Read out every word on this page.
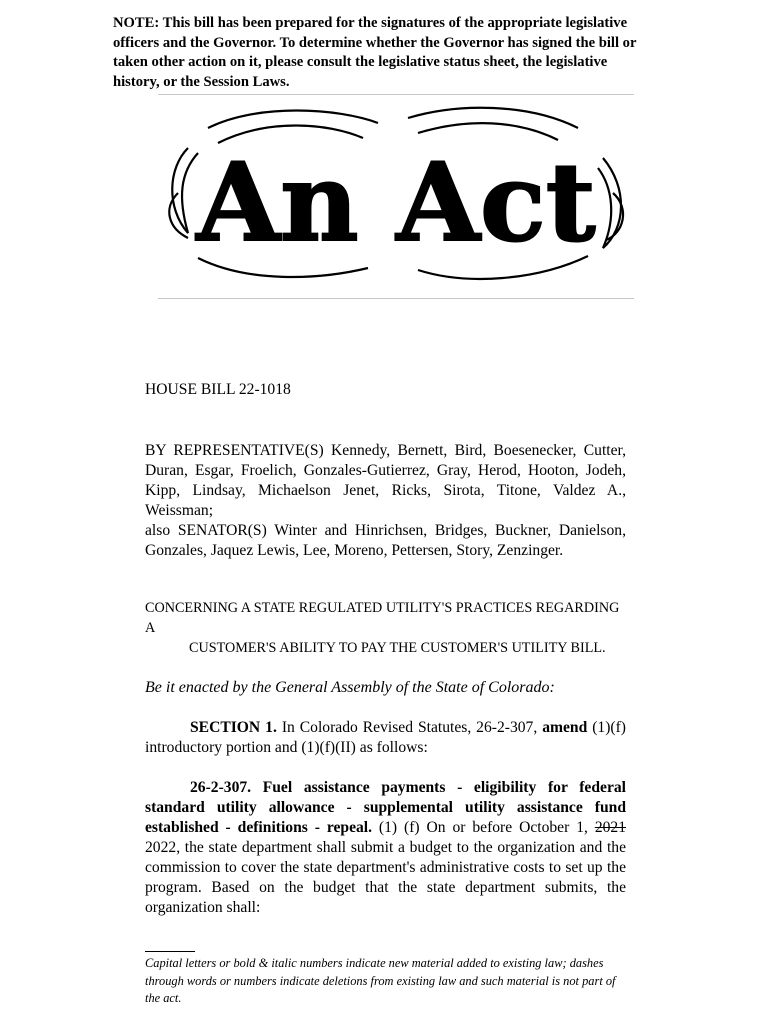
NOTE: This bill has been prepared for the signatures of the appropriate legislative officers and the Governor. To determine whether the Governor has signed the bill or taken other action on it, please consult the legislative status sheet, the legislative history, or the Session Laws.
An Act
HOUSE BILL 22-1018
BY REPRESENTATIVE(S) Kennedy, Bernett, Bird, Boesenecker, Cutter, Duran, Esgar, Froelich, Gonzales-Gutierrez, Gray, Herod, Hooton, Jodeh, Kipp, Lindsay, Michaelson Jenet, Ricks, Sirota, Titone, Valdez A., Weissman;
also SENATOR(S) Winter and Hinrichsen, Bridges, Buckner, Danielson, Gonzales, Jaquez Lewis, Lee, Moreno, Pettersen, Story, Zenzinger.
CONCERNING A STATE REGULATED UTILITY'S PRACTICES REGARDING A
CUSTOMER'S ABILITY TO PAY THE CUSTOMER'S UTILITY BILL.
Be it enacted by the General Assembly of the State of Colorado:
SECTION 1. In Colorado Revised Statutes, 26-2-307, amend (1)(f) introductory portion and (1)(f)(II) as follows:
26-2-307. Fuel assistance payments - eligibility for federal standard utility allowance - supplemental utility assistance fund established - definitions - repeal. (1) (f) On or before October 1, 2021 2022, the state department shall submit a budget to the organization and the commission to cover the state department's administrative costs to set up the program. Based on the budget that the state department submits, the organization shall:
Capital letters or bold & italic numbers indicate new material added to existing law; dashes through words or numbers indicate deletions from existing law and such material is not part of the act.
